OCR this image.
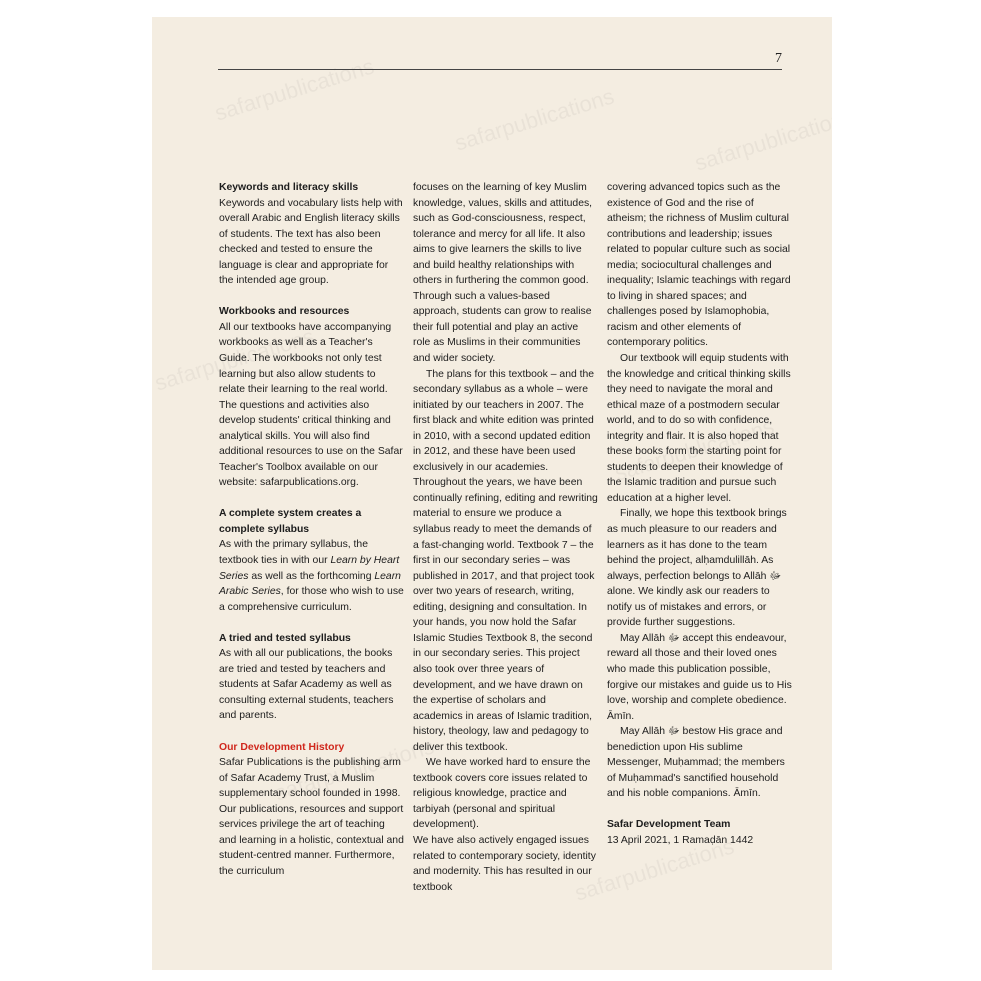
7
Keywords and literacy skills

Keywords and vocabulary lists help with overall Arabic and English literacy skills of students. The text has also been checked and tested to ensure the language is clear and appropriate for the intended age group.

Workbooks and resources

All our textbooks have accompanying workbooks as well as a Teacher's Guide. The workbooks not only test learning but also allow students to relate their learning to the real world. The questions and activities also develop students' critical thinking and analytical skills. You will also find additional resources to use on the Safar Teacher's Toolbox available on our website: safarpublications.org.

A complete system creates a complete syllabus

As with the primary syllabus, the textbook ties in with our Learn by Heart Series as well as the forthcoming Learn Arabic Series, for those who wish to use a comprehensive curriculum.

A tried and tested syllabus

As with all our publications, the books are tried and tested by teachers and students at Safar Academy as well as consulting external students, teachers and parents.

Our Development History

Safar Publications is the publishing arm of Safar Academy Trust, a Muslim supplementary school founded in 1998. Our publications, resources and support services privilege the art of teaching and learning in a holistic, contextual and student-centred manner. Furthermore, the curriculum

focuses on the learning of key Muslim knowledge, values, skills and attitudes, such as God-consciousness, respect, tolerance and mercy for all life. It also aims to give learners the skills to live and build healthy relationships with others in furthering the common good. Through such a values-based approach, students can grow to realise their full potential and play an active role as Muslims in their communities and wider society.

The plans for this textbook – and the secondary syllabus as a whole – were initiated by our teachers in 2007. The first black and white edition was printed in 2010, with a second updated edition in 2012, and these have been used exclusively in our academies. Throughout the years, we have been continually refining, editing and rewriting material to ensure we produce a syllabus ready to meet the demands of a fast-changing world. Textbook 7 – the first in our secondary series – was published in 2017, and that project took over two years of research, writing, editing, designing and consultation. In your hands, you now hold the Safar Islamic Studies Textbook 8, the second in our secondary series. This project also took over three years of development, and we have drawn on the expertise of scholars and academics in areas of Islamic tradition, history, theology, law and pedagogy to deliver this textbook.

We have worked hard to ensure the textbook covers core issues related to religious knowledge, practice and tarbiyah (personal and spiritual development).

We have also actively engaged issues related to contemporary society, identity and modernity. This has resulted in our textbook

covering advanced topics such as the existence of God and the rise of atheism; the richness of Muslim cultural contributions and leadership; issues related to popular culture such as social media; sociocultural challenges and inequality; Islamic teachings with regard to living in shared spaces; and challenges posed by Islamophobia, racism and other elements of contemporary politics.

Our textbook will equip students with the knowledge and critical thinking skills they need to navigate the moral and ethical maze of a postmodern secular world, and to do so with confidence, integrity and flair. It is also hoped that these books form the starting point for students to deepen their knowledge of the Islamic tradition and pursue such education at a higher level.

Finally, we hope this textbook brings as much pleasure to our readers and learners as it has done to the team behind the project, alḥamdulillāh. As always, perfection belongs to Allāh ﷻ alone. We kindly ask our readers to notify us of mistakes and errors, or provide further suggestions.

May Allāh ﷻ accept this endeavour, reward all those and their loved ones who made this publication possible, forgive our mistakes and guide us to His love, worship and complete obedience. Āmīn.

May Allāh ﷻ bestow His grace and benediction upon His sublime Messenger, Muḥammad; the members of Muḥammad's sanctified household and his noble companions. Āmīn.

Safar Development Team

13 April 2021, 1 Ramaḍān 1442
